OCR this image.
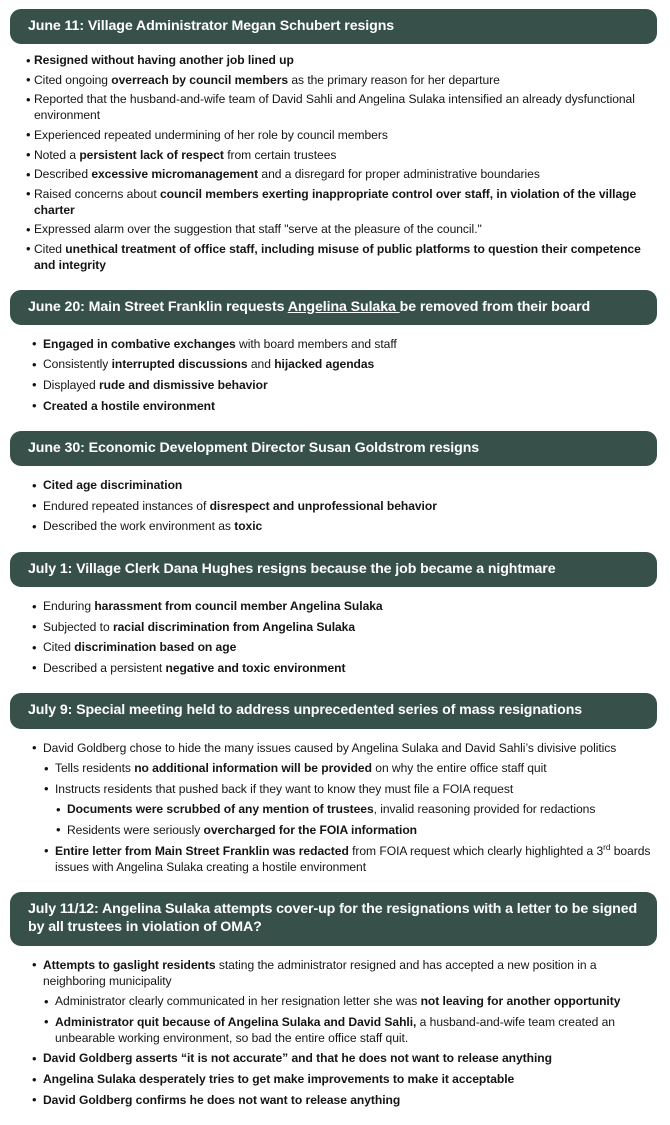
June 11: Village Administrator Megan Schubert resigns
• Resigned without having another job lined up
• Cited ongoing overreach by council members as the primary reason for her departure
• Reported that the husband-and-wife team of David Sahli and Angelina Sulaka intensified an already dysfunctional environment
• Experienced repeated undermining of her role by council members
• Noted a persistent lack of respect from certain trustees
• Described excessive micromanagement and a disregard for proper administrative boundaries
• Raised concerns about council members exerting inappropriate control over staff, in violation of the village charter
• Expressed alarm over the suggestion that staff "serve at the pleasure of the council."
• Cited unethical treatment of office staff, including misuse of public platforms to question their competence and integrity
June 20: Main Street Franklin requests Angelina Sulaka be removed from their board
• Engaged in combative exchanges with board members and staff
• Consistently interrupted discussions and hijacked agendas
• Displayed rude and dismissive behavior
• Created a hostile environment
June 30: Economic Development Director Susan Goldstrom resigns
• Cited age discrimination
• Endured repeated instances of disrespect and unprofessional behavior
• Described the work environment as toxic
July 1: Village Clerk Dana Hughes resigns because the job became a nightmare
• Enduring harassment from council member Angelina Sulaka
• Subjected to racial discrimination from Angelina Sulaka
• Cited discrimination based on age
• Described a persistent negative and toxic environment
July 9: Special meeting held to address unprecedented series of mass resignations
• David Goldberg chose to hide the many issues caused by Angelina Sulaka and David Sahli’s divisive politics
• Tells residents no additional information will be provided on why the entire office staff quit
• Instructs residents that pushed back if they want to know they must file a FOIA request
• Documents were scrubbed of any mention of trustees, invalid reasoning provided for redactions
• Residents were seriously overcharged for the FOIA information
• Entire letter from Main Street Franklin was redacted from FOIA request which clearly highlighted a 3rd boards issues with Angelina Sulaka creating a hostile environment
July 11/12: Angelina Sulaka attempts cover-up for the resignations with a letter to be signed by all trustees in violation of OMA?
• Attempts to gaslight residents stating the administrator resigned and has accepted a new position in a neighboring municipality
• Administrator clearly communicated in her resignation letter she was not leaving for another opportunity
• Administrator quit because of Angelina Sulaka and David Sahli, a husband-and-wife team created an unbearable working environment, so bad the entire office staff quit.
• David Goldberg asserts “it is not accurate” and that he does not want to release anything
• Angelina Sulaka desperately tries to get make improvements to make it acceptable
• David Goldberg confirms he does not want to release anything
